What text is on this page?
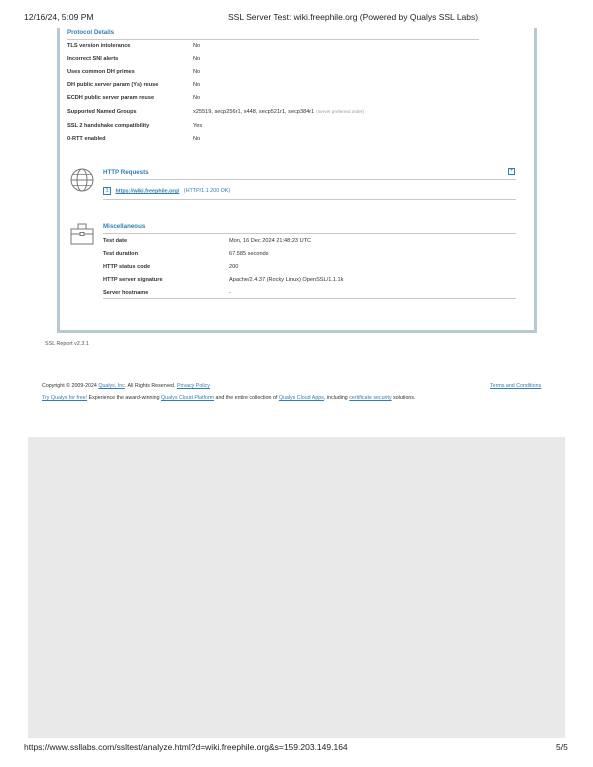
12/16/24, 5:09 PM	SSL Server Test: wiki.freephile.org (Powered by Qualys SSL Labs)
Protocol Details
TLS version intolerance	No
Incorrect SNI alerts	No
Uses common DH primes	No
DH public server param (Ys) reuse	No
ECDH public server param reuse	No
Supported Named Groups	x25519, secp256r1, x448, secp521r1, secp384r1 (server preferred order)
SSL 2 handshake compatibility	Yes
0-RTT enabled	No
HTTP Requests	+
1 https://wiki.freephile.org/ (HTTP/1.1 200 OK)
Miscellaneous
Test date	Mon, 16 Dec 2024 21:48:23 UTC
Test duration	67.585 seconds
HTTP status code	200
HTTP server signature	Apache/2.4.37 (Rocky Linux) OpenSSL/1.1.1k
Server hostname	-
SSL Report v2.3.1
Copyright © 2009-2024 Qualys, Inc. All Rights Reserved. Privacy Policy	Terms and Conditions
Try Qualys for free! Experience the award-winning Qualys Cloud Platform and the entire collection of Qualys Cloud Apps, including certificate security solutions.
https://www.ssllabs.com/ssltest/analyze.html?d=wiki.freephile.org&s=159.203.149.164	5/5
